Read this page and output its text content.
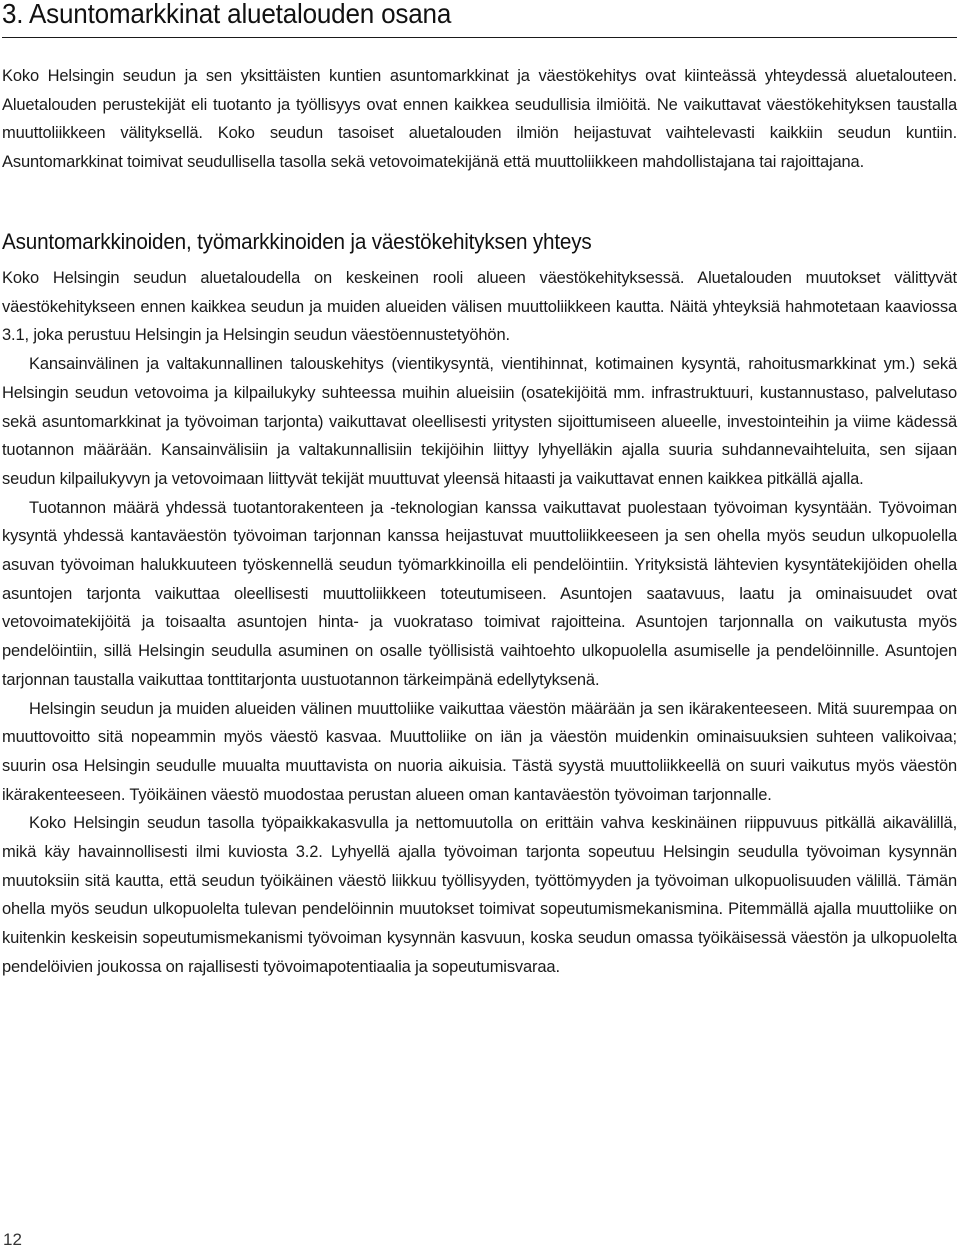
3. Asuntomarkkinat aluetalouden osana

Koko Helsingin seudun ja sen yksittäisten kuntien asuntomarkkinat ja väestökehitys ovat kiinteässä yhteydessä aluetalouteen. Aluetalouden perustekijät eli tuotanto ja työllisyys ovat ennen kaikkea seudullisia ilmiöitä. Ne vaikuttavat väestökehityksen taustalla muuttoliikkeen välityksellä. Koko seudun tasoiset aluetalouden ilmiön heijastuvat vaihtelevasti kaikkiin seudun kuntiin. Asuntomarkkinat toimivat seudullisella tasolla sekä vetovoimatekijänä että muuttoliikkeen mahdollistajana tai rajoittajana.

Asuntomarkkinoiden, työmarkkinoiden ja väestökehityksen yhteys

Koko Helsingin seudun aluetaloudella on keskeinen rooli alueen väestökehityksessä. Aluetalouden muutokset välittyvät väestökehitykseen ennen kaikkea seudun ja muiden alueiden välisen muuttoliikkeen kautta. Näitä yhteyksiä hahmotetaan kaaviossa 3.1, joka perustuu Helsingin ja Helsingin seudun väestöennustetyöhön.

Kansainvälinen ja valtakunnallinen talouskehitys (vientikysyntä, vientihinnat, kotimainen kysyntä, rahoitusmarkkinat ym.) sekä Helsingin seudun vetovoima ja kilpailukyky suhteessa muihin alueisiin (osatekijöitä mm. infrastruktuuri, kustannustaso, palvelutaso sekä asuntomarkkinat ja työvoiman tarjonta) vaikuttavat oleellisesti yritysten sijoittumiseen alueelle, investointeihin ja viime kädessä tuotannon määrään. Kansainvälisiin ja valtakunnallisiin tekijöihin liittyy lyhyelläkin ajalla suuria suhdannevaihteluita, sen sijaan seudun kilpailukyvyn ja vetovoimaan liittyvät tekijät muuttuvat yleensä hitaasti ja vaikuttavat ennen kaikkea pitkällä ajalla.

Tuotannon määrä yhdessä tuotantorakenteen ja -teknologian kanssa vaikuttavat puolestaan työvoiman kysyntään. Työvoiman kysyntä yhdessä kantaväestön työvoiman tarjonnan kanssa heijastuvat muuttoliikkeeseen ja sen ohella myös seudun ulkopuolella asuvan työvoiman halukkuuteen työskennellä seudun työmarkkinoilla eli pendelöintiin. Yrityksistä lähtevien kysyntätekijöiden ohella asuntojen tarjonta vaikuttaa oleellisesti muuttoliikkeen toteutumiseen. Asuntojen saatavuus, laatu ja ominaisuudet ovat vetovoimatekijöitä ja toisaalta asuntojen hinta- ja vuokrataso toimivat rajoitteina. Asuntojen tarjonnalla on vaikutusta myös pendelöintiin, sillä Helsingin seudulla asuminen on osalle työllisistä vaihtoehto ulkopuolella asumiselle ja pendelöinnille. Asuntojen tarjonnan taustalla vaikuttaa tonttitarjonta uustuotannon tärkeimpänä edellytyksenä.

Helsingin seudun ja muiden alueiden välinen muuttoliike vaikuttaa väestön määrään ja sen ikärakenteeseen. Mitä suurempaa on muuttovoitto sitä nopeammin myös väestö kasvaa. Muuttoliike on iän ja väestön muidenkin ominaisuuksien suhteen valikoivaa; suurin osa Helsingin seudulle muualta muuttavista on nuoria aikuisia. Tästä syystä muuttoliikkeellä on suuri vaikutus myös väestön ikärakenteeseen. Työikäinen väestö muodostaa perustan alueen oman kantaväestön työvoiman tarjonnalle.

Koko Helsingin seudun tasolla työpaikkakasvulla ja nettomuutolla on erittäin vahva keskinäinen riippuvuus pitkällä aikavälillä, mikä käy havainnollisesti ilmi kuviosta 3.2. Lyhyellä ajalla työvoiman tarjonta sopeutuu Helsingin seudulla työvoiman kysynnän muutoksiin sitä kautta, että seudun työikäinen väestö liikkuu työllisyyden, työttömyyden ja työvoiman ulkopuolisuuden välillä. Tämän ohella myös seudun ulkopuolelta tulevan pendelöinnin muutokset toimivat sopeutumismekanismina. Pitemmällä ajalla muuttoliike on kuitenkin keskeisin sopeutumismekanismi työvoiman kysynnän kasvuun, koska seudun omassa työikäisessä väestön ja ulkopuolelta pendelöivien joukossa on rajallisesti työvoimapotentiaalia ja sopeutumisvaraa.

12
